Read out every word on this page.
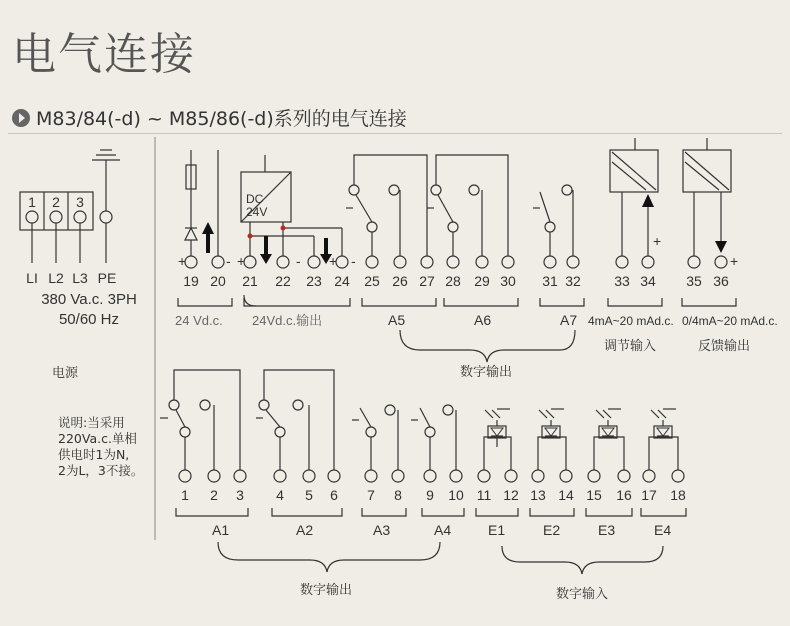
电气连接
M83/84(-d) ~ M85/86(-d)系列的电气连接
1 2 3
LI L2 L3 PE	19 20 21 22 23 24 25 26 27 28 29 30 31 32 33 34 35 36
+	-
DC
24V
+	- + -
+
+
24 Vd.c. 24Vd.c.输出	A5	A6	A7 4mA~20 mAd.c. 0/4mA~20 mAd.c.
调节输入	反馈输出
数字输出
1 2 3 4 5 6 7 8 9 10 11 12 13 14 15 16 17 18
A1	A2	A3	A4	E1	E2	E3	E4
数字输出	数字输入
380 Va.c. 3PH
50/60 Hz
电源
说明:当采用
220Va.c.单相
供电时1为N,
2为L，3不接。
